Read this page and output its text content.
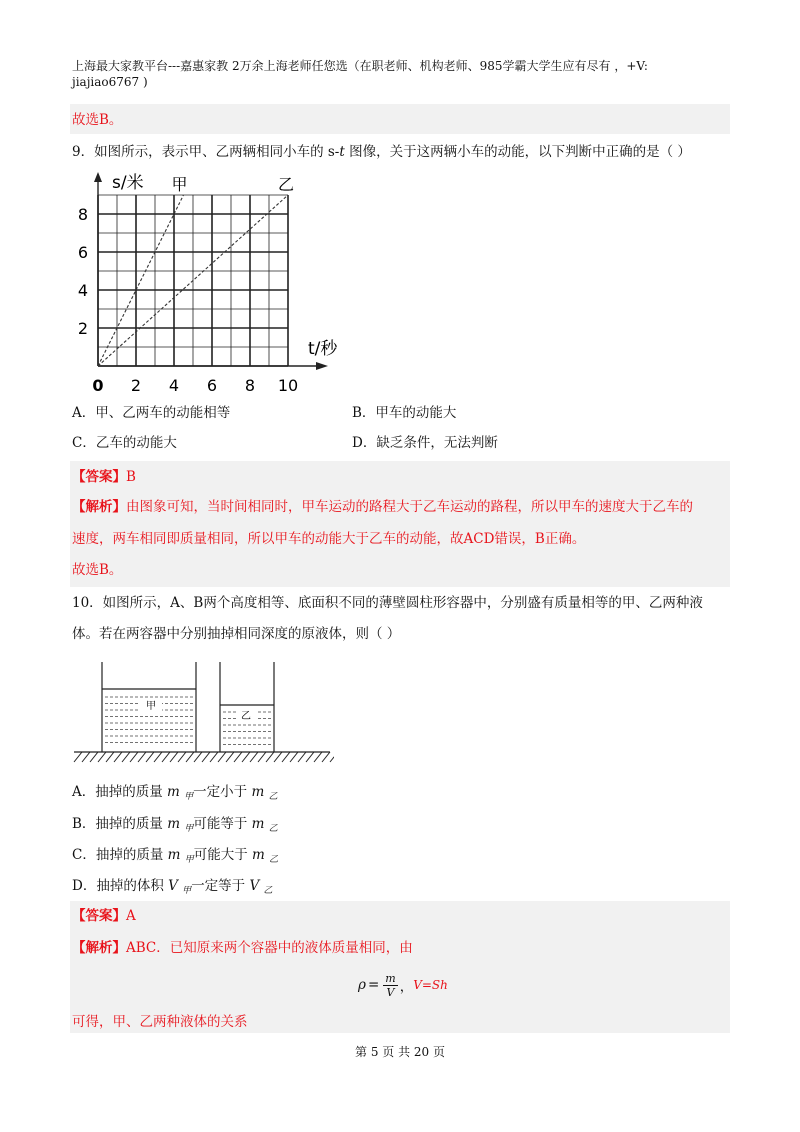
上海最大家教平台---嘉惠家教 2万余上海老师任您选（在职老师、机构老师、985学霸大学生应有尽有 ，+V:
jiajiao6767 )
故选B。
9．如图所示，表示甲、乙两辆相同小车的 s-t 图像，关于这两辆小车的动能，以下判断中正确的是（ ）
甲	乙
s/米
t/秒
0 2 4 6 8 10
2
4
6
8
A．甲、乙两车的动能相等	B．甲车的动能大
C．乙车的动能大	D．缺乏条件，无法判断
【答案】B
【解析】由图象可知，当时间相同时，甲车运动的路程大于乙车运动的路程，所以甲车的速度大于乙车的
速度，两车相同即质量相同，所以甲车的动能大于乙车的动能，故ACD错误，B正确。
故选B。
10．如图所示，A、B两个高度相等、底面积不同的薄壁圆柱形容器中，分别盛有质量相等的甲、乙两种液
体。若在两容器中分别抽掉相同深度的原液体，则（ ）
甲
乙
A．抽掉的质量 m $_甲$一定小于 m $_乙$
B．抽掉的质量 m $_甲$可能等于 m $_乙$
C．抽掉的质量 m $_甲$可能大于 m $_乙$
D．抽掉的体积 V $_甲$一定等于 V $_乙$
【答案】A
【解析】ABC．已知原来两个容器中的液体质量相同，由
$\rho = \frac{m}{V}$ ， V=Sh
可得，甲、乙两种液体的关系
第 5 页 共 20 页
